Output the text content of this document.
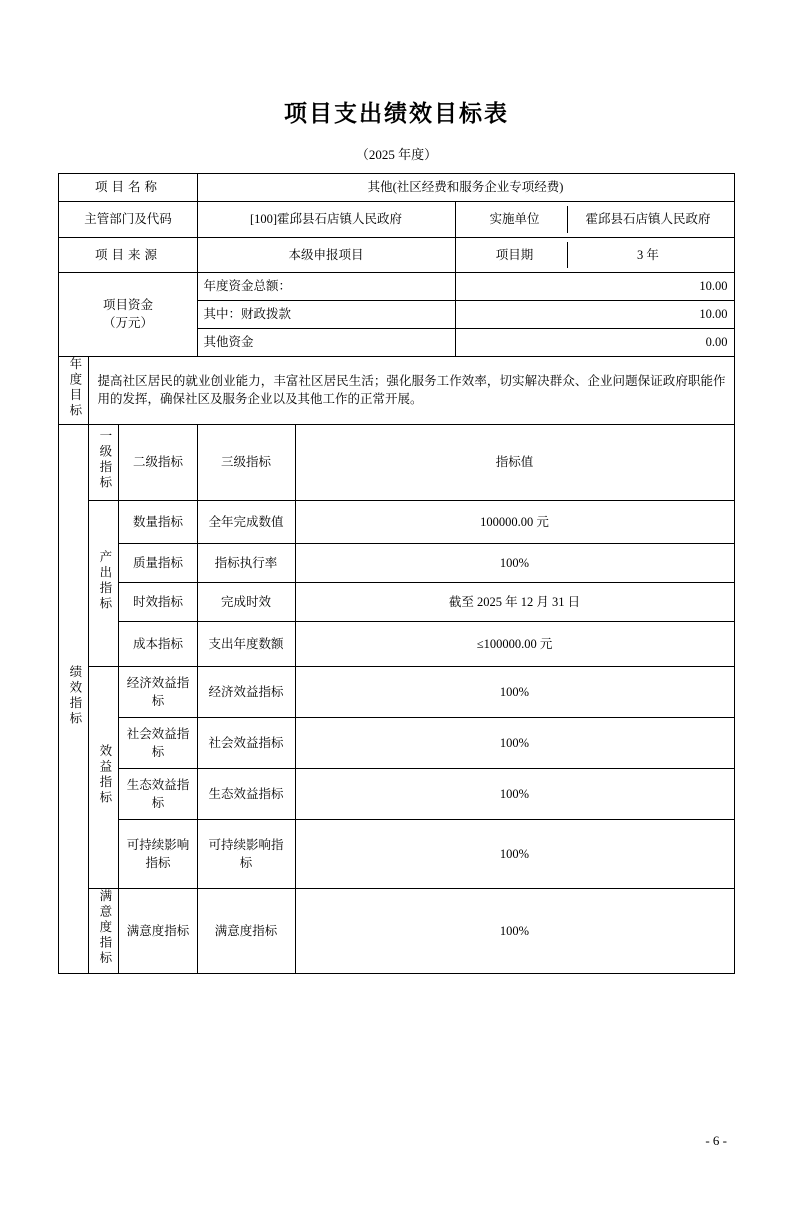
项目支出绩效目标表
（2025 年度）
项目名称	其他(社区经费和服务企业专项经费)
主管部门及代码	[100]霍邱县石店镇人民政府		实施单位	霍邱县石店镇人民政府

项目来源	本级申报项目		项目期	3 年

项目资金
（万元）
	年度资金总额：	10.00
其中：财政拨款	10.00
其他资金	0.00
年度目标	提高社区居民的就业创业能力，丰富社区居民生活；强化服务工作效率，切实解决群众、企业问题保证政府职能作用的发挥，确保社区及服务企业以及其他工作的正常开展。
绩效指标	一级指标	二级指标	三级指标	指标值
产出指标	数量指标	全年完成数值	100000.00 元
质量指标	指标执行率	100%
时效指标	完成时效	截至 2025 年 12 月 31 日
成本指标	支出年度数额	≤100000.00 元
效益指标	经济效益指标	经济效益指标	100%
社会效益指标	社会效益指标	100%
生态效益指标	生态效益指标	100%
可持续影响指标	可持续影响指标	100%
满意度指标	满意度指标	满意度指标	100%
- 6 -
